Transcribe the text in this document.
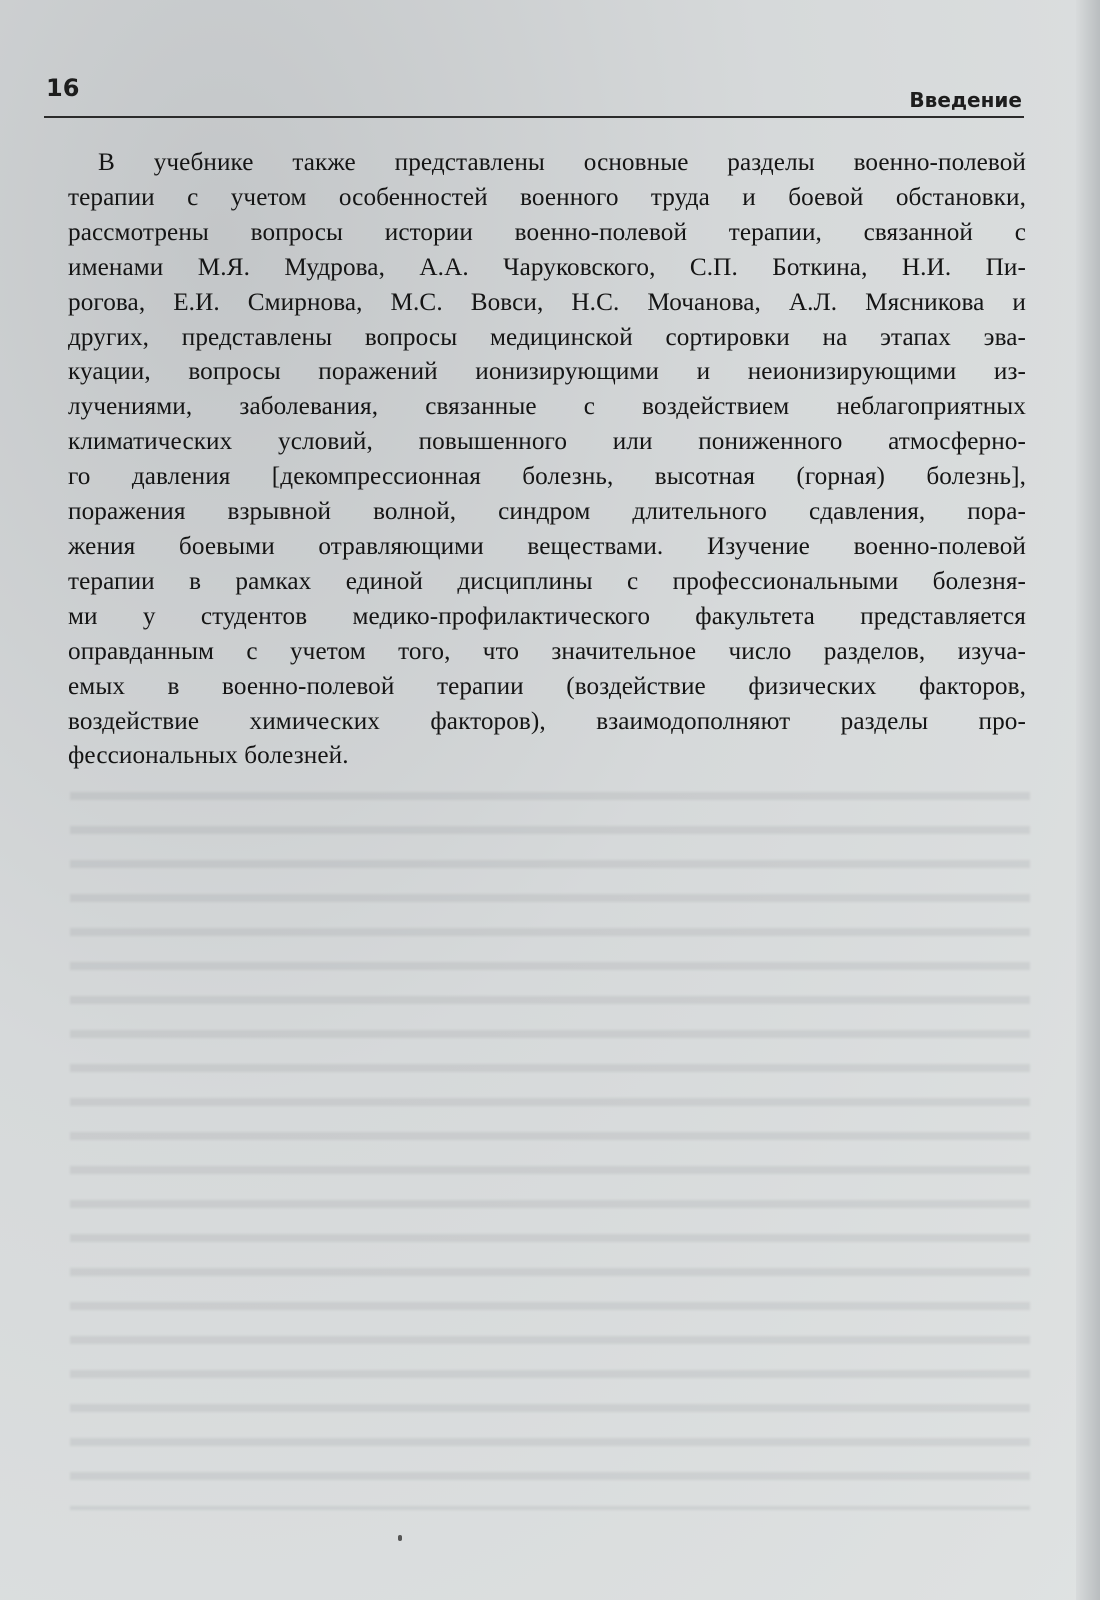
16	Введение
В учебнике также представлены основные разделы военно-полевой
терапии с учетом особенностей военного труда и боевой обстановки,
рассмотрены вопросы истории военно-полевой терапии, связанной с
именами М.Я. Мудрова, А.А. Чаруковского, С.П. Боткина, Н.И. Пи-
рогова, Е.И. Смирнова, М.С. Вовси, Н.С. Мочанова, А.Л. Мясникова и
других, представлены вопросы медицинской сортировки на этапах эва-
куации, вопросы поражений ионизирующими и неионизирующими из-
лучениями, заболевания, связанные с воздействием неблагоприятных
климатических условий, повышенного или пониженного атмосферно-
го давления [декомпрессионная болезнь, высотная (горная) болезнь],
поражения взрывной волной, синдром длительного сдавления, пора-
жения боевыми отравляющими веществами. Изучение военно-полевой
терапии в рамках единой дисциплины с профессиональными болезня-
ми у студентов медико-профилактического факультета представляется
оправданным с учетом того, что значительное число разделов, изуча-
емых в военно-полевой терапии (воздействие физических факторов,
воздействие химических факторов), взаимодополняют разделы про-
фессиональных болезней.
